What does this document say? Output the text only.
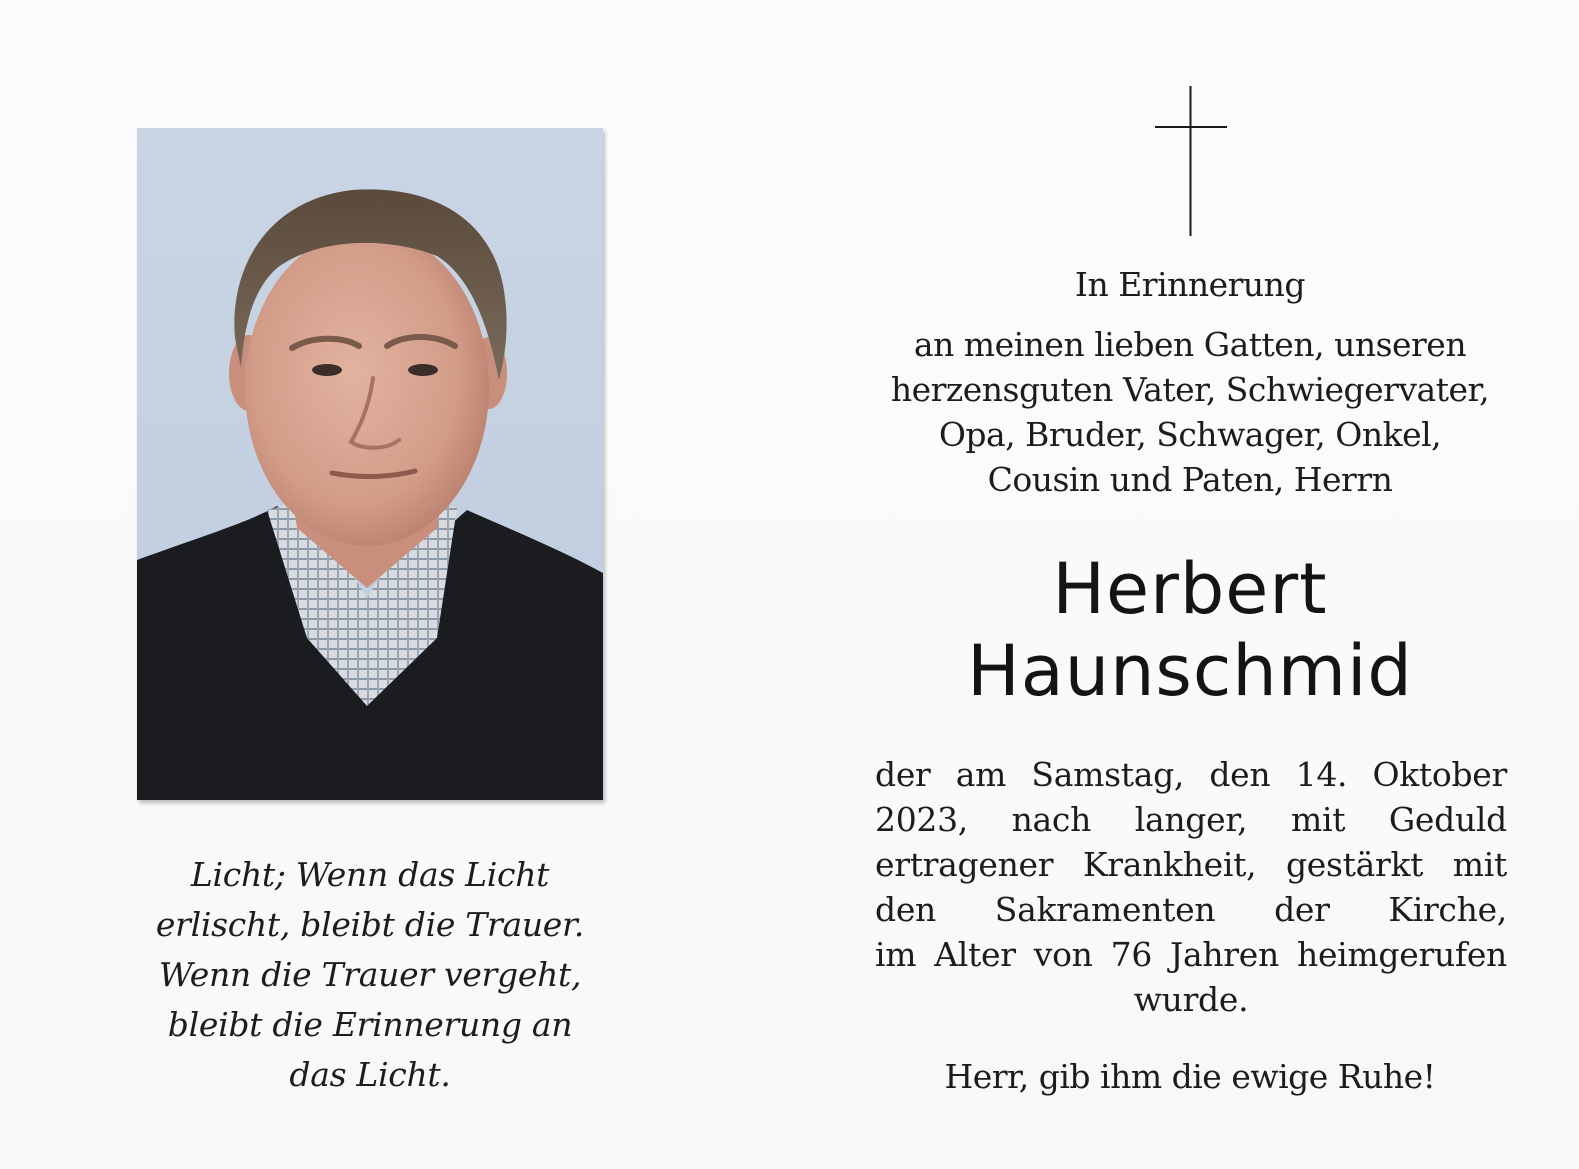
Licht; Wenn das Licht
erlischt, bleibt die Trauer.
Wenn die Trauer vergeht,
bleibt die Erinnerung an
das Licht.
In Erinnerung
an meinen lieben Gatten, unseren
herzensguten Vater, Schwiegervater,
Opa, Bruder, Schwager, Onkel,
Cousin und Paten, Herrn
Herbert
Haunschmid
der am Samstag, den 14. Oktober
2023, nach langer, mit Geduld
ertragener Krankheit, gestärkt mit
den Sakramenten der Kirche,
im Alter von 76 Jahren heimgerufen
wurde.
Herr, gib ihm die ewige Ruhe!
